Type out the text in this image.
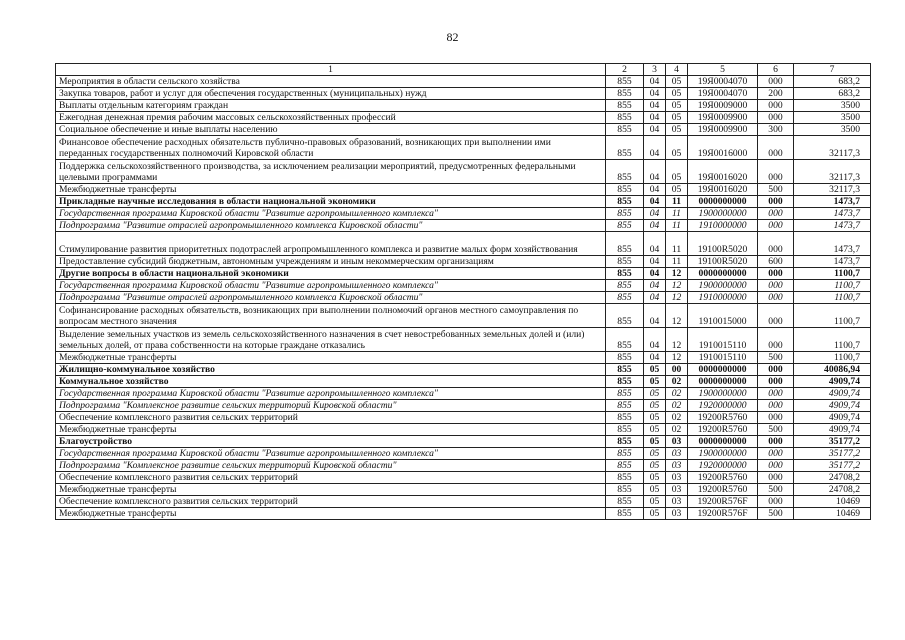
82
1	2	3	4	5	6	7
Мероприятия в области сельского хозяйства	855	04	05	19Я0004070	000	683,2
Закупка товаров, работ и услуг для обеспечения государственных (муниципальных) нужд	855	04	05	19Я0004070	200	683,2
Выплаты отдельным категориям граждан	855	04	05	19Я0009000	000	3500
Ежегодная денежная премия рабочим массовых сельскохозяйственных профессий	855	04	05	19Я0009900	000	3500
Социальное обеспечение и иные выплаты населению	855	04	05	19Я0009900	300	3500
Финансовое обеспечение расходных обязательств публично-правовых образований, возникающих при выполнении ими переданных государственных полномочий Кировской области	855	04	05	19Я0016000	000	32117,3
Поддержка сельскохозяйственного производства, за исключением реализации мероприятий, предусмотренных федеральными целевыми программами	855	04	05	19Я0016020	000	32117,3
Межбюджетные трансферты	855	04	05	19Я0016020	500	32117,3
Прикладные научные исследования в области национальной экономики	855	04	11	0000000000	000	1473,7
Государственная программа Кировской области "Развитие агропромышленного комплекса"	855	04	11	1900000000	000	1473,7
Подпрограмма "Развитие отраслей агропромышленного комплекса Кировской области"	855	04	11	1910000000	000	1473,7
Стимулирование развития приоритетных подотраслей агропромышленного комплекса и развитие малых форм хозяйствования	855	04	11	19100R5020	000	1473,7
Предоставление субсидий бюджетным, автономным учреждениям и иным некоммерческим организациям	855	04	11	19100R5020	600	1473,7
Другие вопросы в области национальной экономики	855	04	12	0000000000	000	1100,7
Государственная программа Кировской области "Развитие агропромышленного комплекса"	855	04	12	1900000000	000	1100,7
Подпрограмма "Развитие отраслей агропромышленного комплекса Кировской области"	855	04	12	1910000000	000	1100,7
Софинансирование расходных обязательств, возникающих при выполнении полномочий органов местного самоуправления по вопросам местного значения	855	04	12	1910015000	000	1100,7
Выделение земельных участков из земель сельскохозяйственного назначения в счет невостребованных земельных долей и (или) земельных долей, от права собственности на которые граждане отказались	855	04	12	1910015110	000	1100,7
Межбюджетные трансферты	855	04	12	1910015110	500	1100,7
Жилищно-коммунальное хозяйство	855	05	00	0000000000	000	40086,94
Коммунальное хозяйство	855	05	02	0000000000	000	4909,74
Государственная программа Кировской области "Развитие агропромышленного комплекса"	855	05	02	1900000000	000	4909,74
Подпрограмма "Комплексное развитие сельских территорий Кировской области"	855	05	02	1920000000	000	4909,74
Обеспечение комплексного развития сельских территорий	855	05	02	19200R5760	000	4909,74
Межбюджетные трансферты	855	05	02	19200R5760	500	4909,74
Благоустройство	855	05	03	0000000000	000	35177,2
Государственная программа Кировской области "Развитие агропромышленного комплекса"	855	05	03	1900000000	000	35177,2
Подпрограмма "Комплексное развитие сельских территорий Кировской области"	855	05	03	1920000000	000	35177,2
Обеспечение комплексного развития сельских территорий	855	05	03	19200R5760	000	24708,2
Межбюджетные трансферты	855	05	03	19200R5760	500	24708,2
Обеспечение комплексного развития сельских территорий	855	05	03	19200R576F	000	10469
Межбюджетные трансферты	855	05	03	19200R576F	500	10469
